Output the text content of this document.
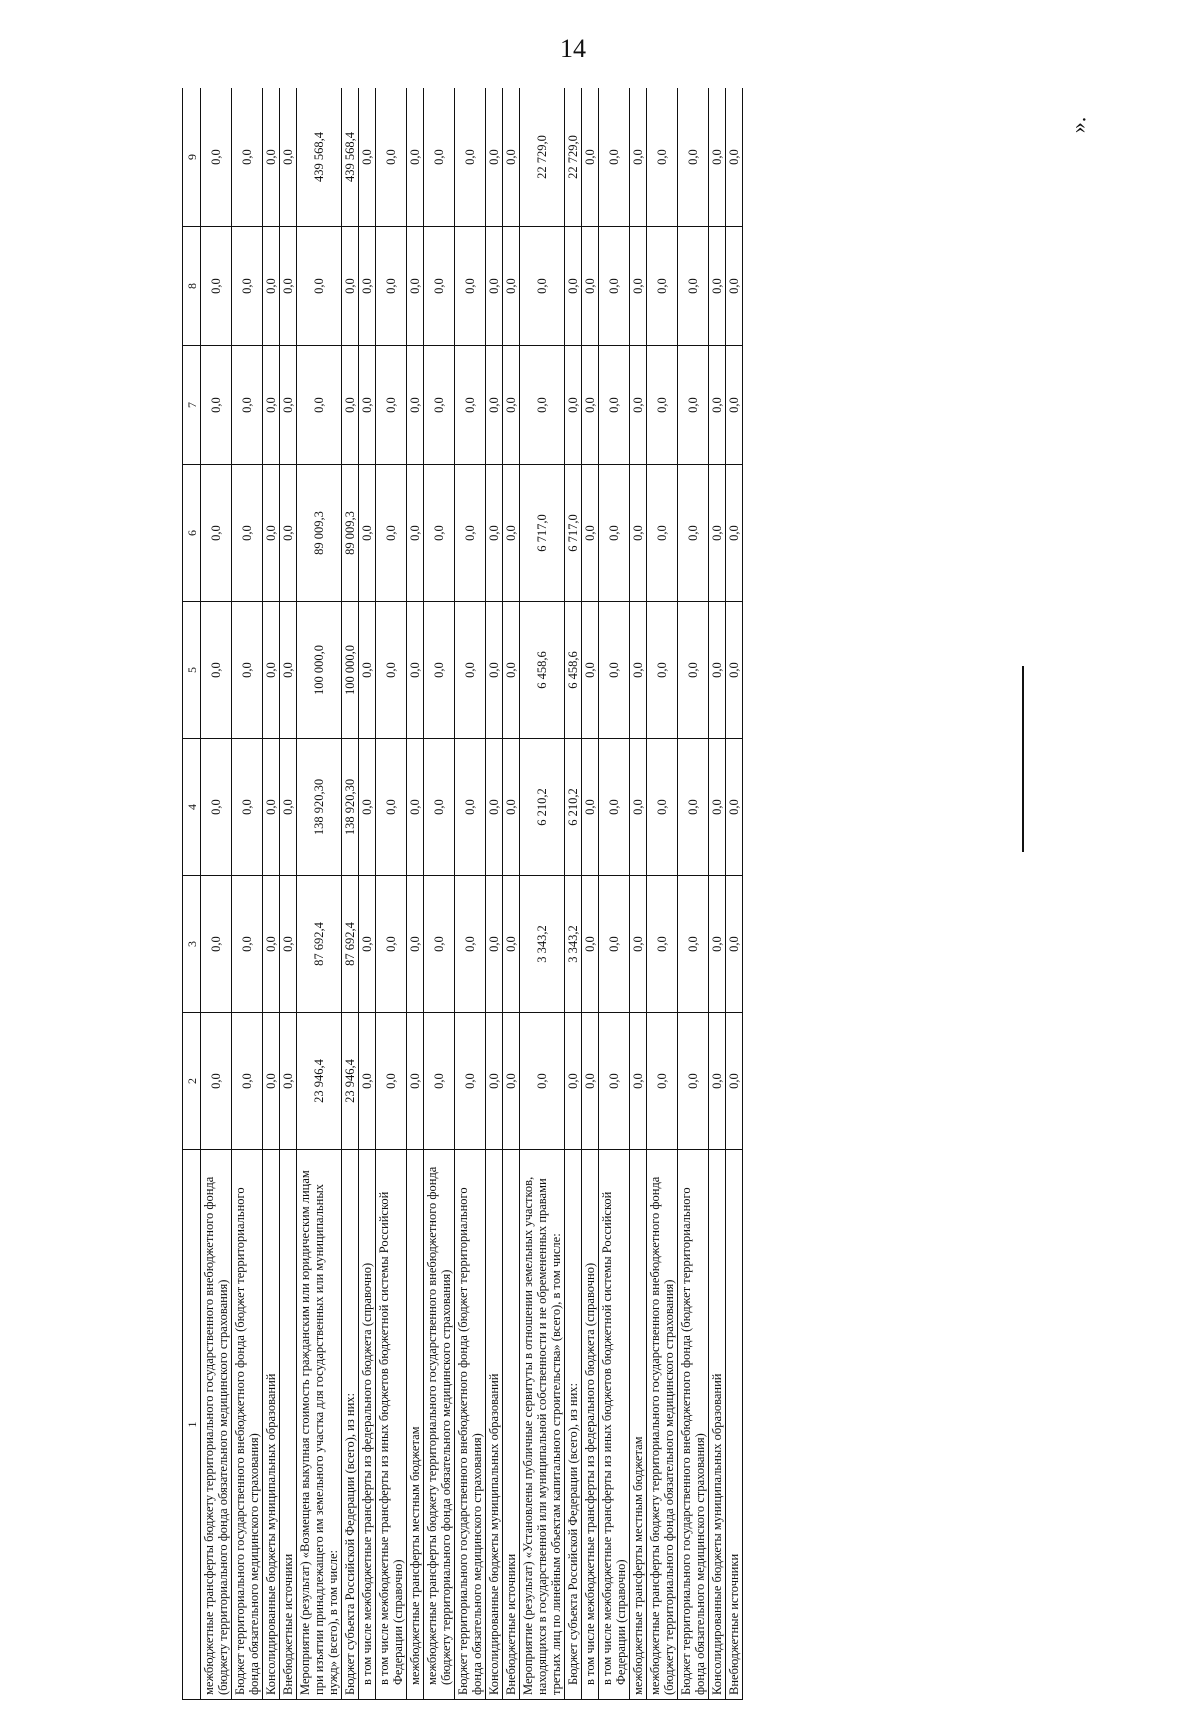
14
1	2	3	4	5	6	7	8	9
межбюджетные трансферты бюджету территориального государственного внебюджетного фонда (бюджету территориального фонда обязательного медицинского страхования)	0,0	0,0	0,0	0,0	0,0	0,0	0,0	0,0
Бюджет территориального государственного внебюджетного фонда (бюджет территориального фонда обязательного медицинского страхования)	0,0	0,0	0,0	0,0	0,0	0,0	0,0	0,0
Консолидированные бюджеты муниципальных образований	0,0	0,0	0,0	0,0	0,0	0,0	0,0	0,0
Внебюджетные источники	0,0	0,0	0,0	0,0	0,0	0,0	0,0	0,0
Мероприятие (результат) «Возмещена выкупная стоимость гражданским или юридическим лицам при изъятии принадлежащего им земельного участка для государственных или муниципальных нужд» (всего), в том числе:	23 946,4	87 692,4	138 920,30	100 000,0	89 009,3	0,0	0,0	439 568,4
Бюджет субъекта Российской Федерации (всего), из них:	23 946,4	87 692,4	138 920,30	100 000,0	89 009,3	0,0	0,0	439 568,4
в том числе межбюджетные трансферты из федерального бюджета (справочно)	0,0	0,0	0,0	0,0	0,0	0,0	0,0	0,0
в том числе межбюджетные трансферты из иных бюджетов бюджетной системы Российской Федерации (справочно)	0,0	0,0	0,0	0,0	0,0	0,0	0,0	0,0
межбюджетные трансферты местным бюджетам	0,0	0,0	0,0	0,0	0,0	0,0	0,0	0,0
межбюджетные трансферты бюджету территориального государственного внебюджетного фонда (бюджету территориального фонда обязательного медицинского страхования)	0,0	0,0	0,0	0,0	0,0	0,0	0,0	0,0
Бюджет территориального государственного внебюджетного фонда (бюджет территориального фонда обязательного медицинского страхования)	0,0	0,0	0,0	0,0	0,0	0,0	0,0	0,0
Консолидированные бюджеты муниципальных образований	0,0	0,0	0,0	0,0	0,0	0,0	0,0	0,0
Внебюджетные источники	0,0	0,0	0,0	0,0	0,0	0,0	0,0	0,0
Мероприятие (результат) «Установлены публичные сервитуты в отношении земельных участков, находящихся в государственной или муниципальной собственности и не обремененных правами третьих лиц по линейным объектам капитального строительства» (всего), в том числе:	0,0	3 343,2	6 210,2	6 458,6	6 717,0	0,0	0,0	22 729,0
Бюджет субъекта Российской Федерации (всего), из них:	0,0	3 343,2	6 210,2	6 458,6	6 717,0	0,0	0,0	22 729,0
в том числе межбюджетные трансферты из федерального бюджета (справочно)	0,0	0,0	0,0	0,0	0,0	0,0	0,0	0,0
в том числе межбюджетные трансферты из иных бюджетов бюджетной системы Российской Федерации (справочно)	0,0	0,0	0,0	0,0	0,0	0,0	0,0	0,0
межбюджетные трансферты местным бюджетам	0,0	0,0	0,0	0,0	0,0	0,0	0,0	0,0
межбюджетные трансферты бюджету территориального государственного внебюджетного фонда (бюджету территориального фонда обязательного медицинского страхования)	0,0	0,0	0,0	0,0	0,0	0,0	0,0	0,0
Бюджет территориального государственного внебюджетного фонда (бюджет территориального фонда обязательного медицинского страхования)	0,0	0,0	0,0	0,0	0,0	0,0	0,0	0,0
Консолидированные бюджеты муниципальных образований	0,0	0,0	0,0	0,0	0,0	0,0	0,0	0,0
Внебюджетные источники	0,0	0,0	0,0	0,0	0,0	0,0	0,0	0,0
».
